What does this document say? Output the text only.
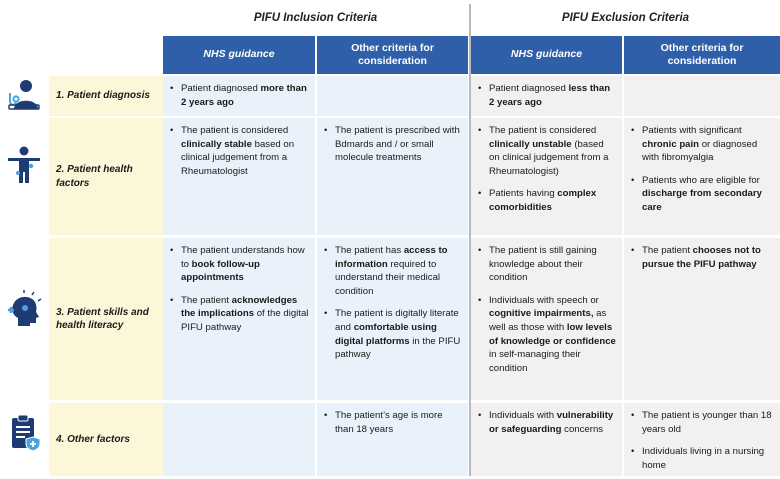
PIFU Inclusion Criteria	PIFU Exclusion Criteria
NHS guidance
Other criteria for consideration
NHS guidance
Other criteria for consideration
1. Patient diagnosis
• Patient diagnosed more than 2 years ago
• Patient diagnosed less than 2 years ago
2. Patient health factors
• The patient is considered clinically stable based on clinical judgement from a Rheumatologist
• The patient is prescribed with Bdmards and / or small molecule treatments
• The patient is considered clinically unstable (based on clinical judgement from a Rheumatologist)
• Patients having complex comorbidities
• Patients with significant chronic pain or diagnosed with fibromyalgia
• Patients who are eligible for discharge from secondary care
3. Patient skills and health literacy
• The patient understands how to book follow-up appointments
• The patient acknowledges the implications of the digital PIFU pathway
• The patient has access to information required to understand their medical condition
• The patient is digitally literate and comfortable using digital platforms in the PIFU pathway
• The patient is still gaining knowledge about their condition
• Individuals with speech or cognitive impairments, as well as those with low levels of knowledge or confidence in self-managing their condition
• The patient chooses not to pursue the PIFU pathway
4. Other factors
• The patient’s age is more than 18 years
• Individuals with vulnerability or safeguarding concerns
• The patient is younger than 18 years old
• Individuals living in a nursing home
